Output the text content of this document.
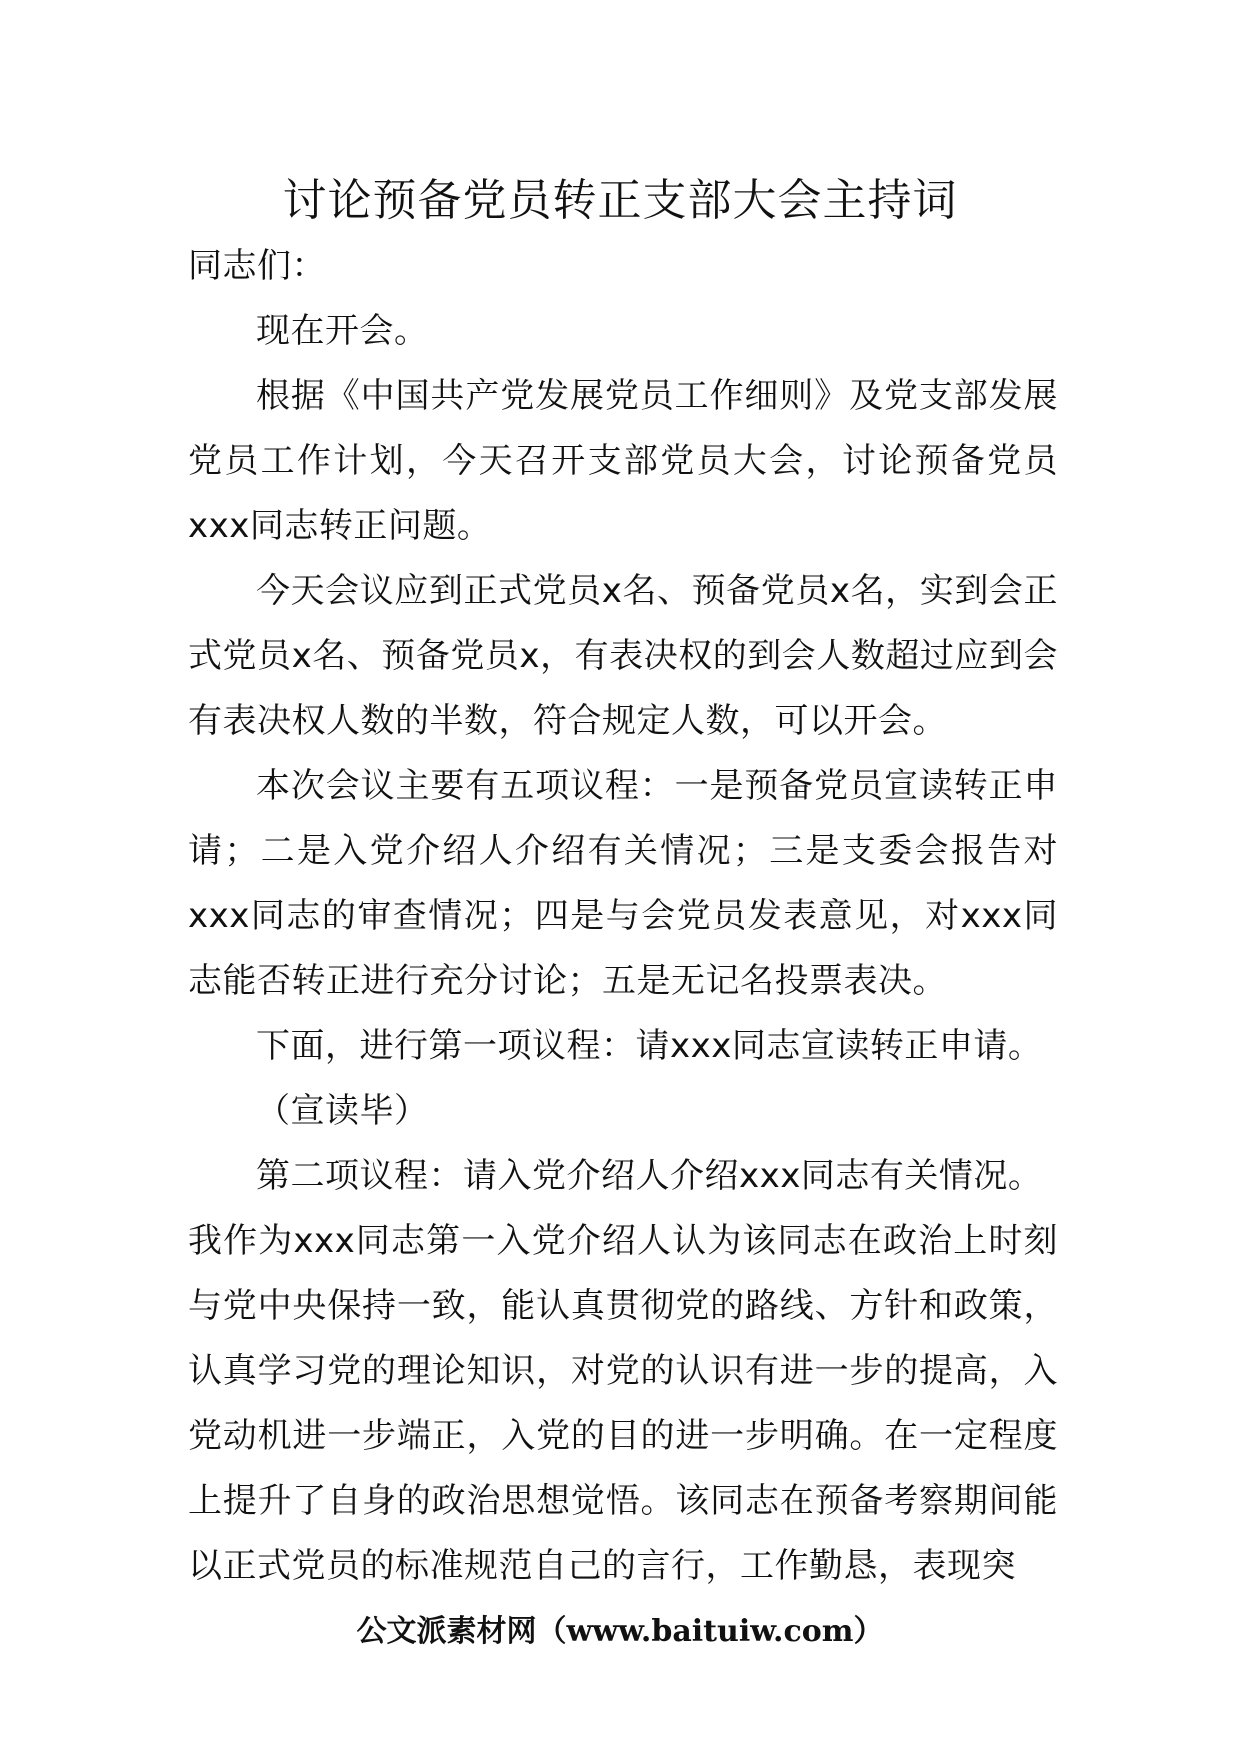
讨论预备党员转正支部大会主持词

同志们：

现在开会。

根据《中国共产党发展党员工作细则》及党支部发展党员工作计划，今天召开支部党员大会，讨论预备党员xxx同志转正问题。

今天会议应到正式党员x名、预备党员x名，实到会正式党员x名、预备党员x，有表决权的到会人数超过应到会有表决权人数的半数，符合规定人数，可以开会。

本次会议主要有五项议程：一是预备党员宣读转正申请；二是入党介绍人介绍有关情况；三是支委会报告对xxx同志的审查情况；四是与会党员发表意见，对xxx同志能否转正进行充分讨论；五是无记名投票表决。

下面，进行第一项议程：请xxx同志宣读转正申请。

（宣读毕）

第二项议程：请入党介绍人介绍xxx同志有关情况。

我作为xxx同志第一入党介绍人认为该同志在政治上时刻与党中央保持一致，能认真贯彻党的路线、方针和政策，认真学习党的理论知识，对党的认识有进一步的提高，入党动机进一步端正，入党的目的进一步明确。在一定程度上提升了自身的政治思想觉悟。该同志在预备考察期间能以正式党员的标准规范自己的言行，工作勤恳，表现突

公文派素材网（www.baituiw.com）
